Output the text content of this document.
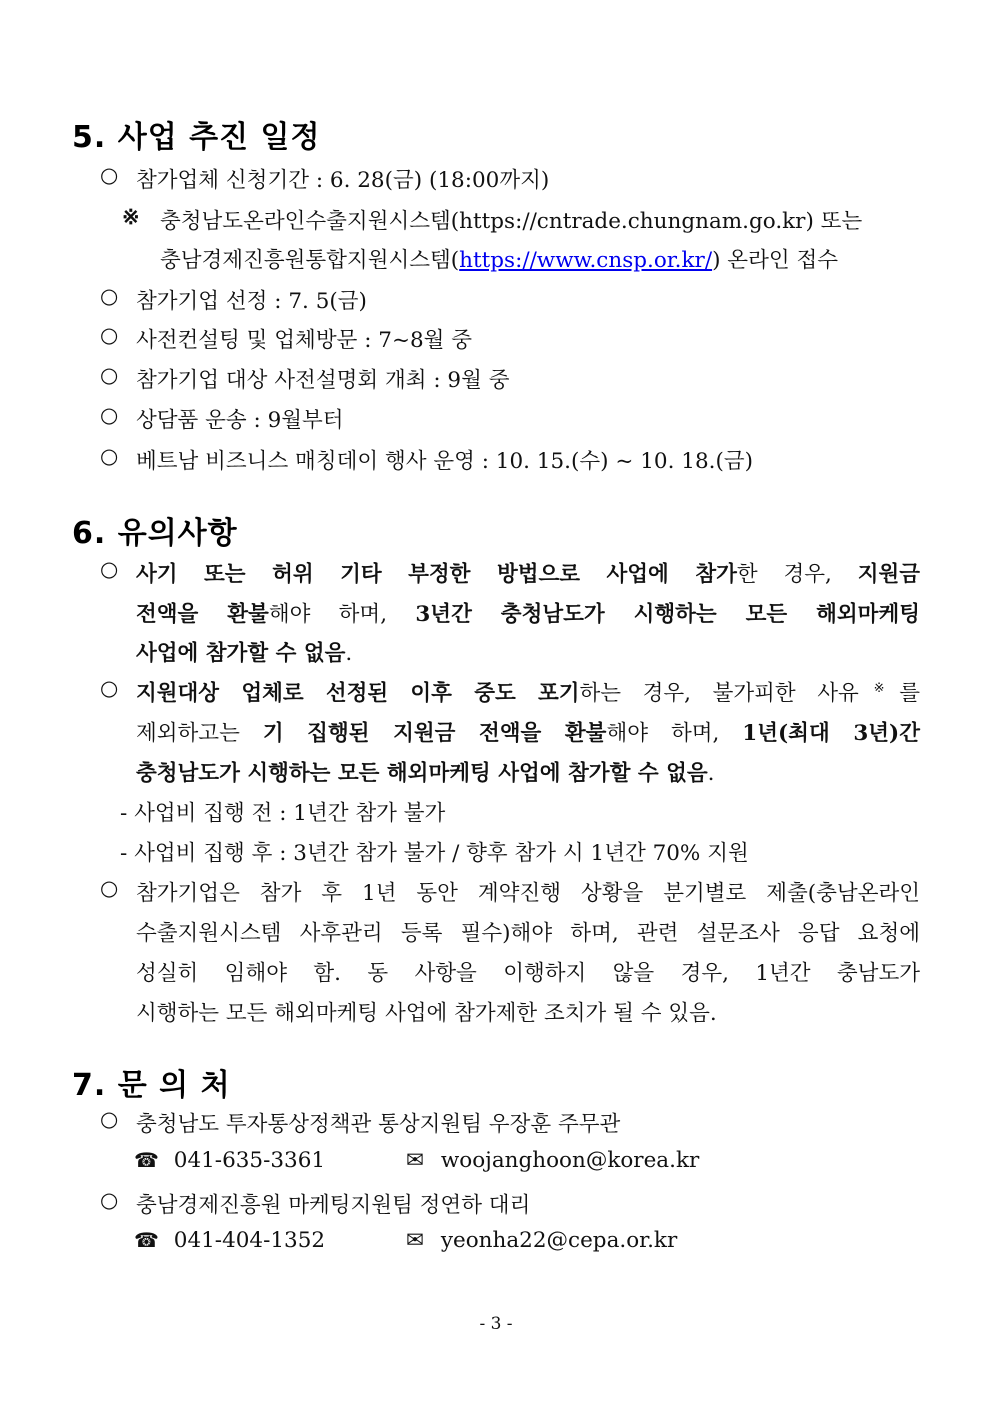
5. 사업 추진 일정
○ 참가업체 신청기간 : 6. 28(금) (18:00까지)
※ 충청남도온라인수출지원시스템(https://cntrade.chungnam.go.kr) 또는
충남경제진흥원통합지원시스템(https://www.cnsp.or.kr/) 온라인 접수
○ 참가기업 선정 : 7. 5(금)
○ 사전컨설팅 및 업체방문 : 7~8월 중
○ 참가기업 대상 사전설명회 개최 : 9월 중
○ 상담품 운송 : 9월부터
○ 베트남 비즈니스 매칭데이 행사 운영 : 10. 15.(수) ~ 10. 18.(금)
6. 유의사항
○ 사기 또는 허위 기타 부정한 방법으로 사업에 참가한 경우, 지원금
전액을 환불해야 하며, 3년간 충청남도가 시행하는 모든 해외마케팅
사업에 참가할 수 없음.
○ 지원대상 업체로 선정된 이후 중도 포기하는 경우, 불가피한 사유※를
제외하고는 기 집행된 지원금 전액을 환불해야 하며, 1년(최대 3년)간
충청남도가 시행하는 모든 해외마케팅 사업에 참가할 수 없음.
- 사업비 집행 전 : 1년간 참가 불가
- 사업비 집행 후 : 3년간 참가 불가 / 향후 참가 시 1년간 70% 지원
○ 참가기업은 참가 후 1년 동안 계약진행 상황을 분기별로 제출(충남온라인
수출지원시스템 사후관리 등록 필수)해야 하며, 관련 설문조사 응답 요청에
성실히 임해야 함. 동 사항을 이행하지 않을 경우, 1년간 충남도가
시행하는 모든 해외마케팅 사업에 참가제한 조치가 될 수 있음.
7. 문 의 처
○ 충청남도 투자통상정책관 통상지원팀 우장훈 주무관
☎ 041-635-3361	✉ woojanghoon@korea.kr
○ 충남경제진흥원 마케팅지원팀 정연하 대리
☎ 041-404-1352	✉ yeonha22@cepa.or.kr
- 3 -
